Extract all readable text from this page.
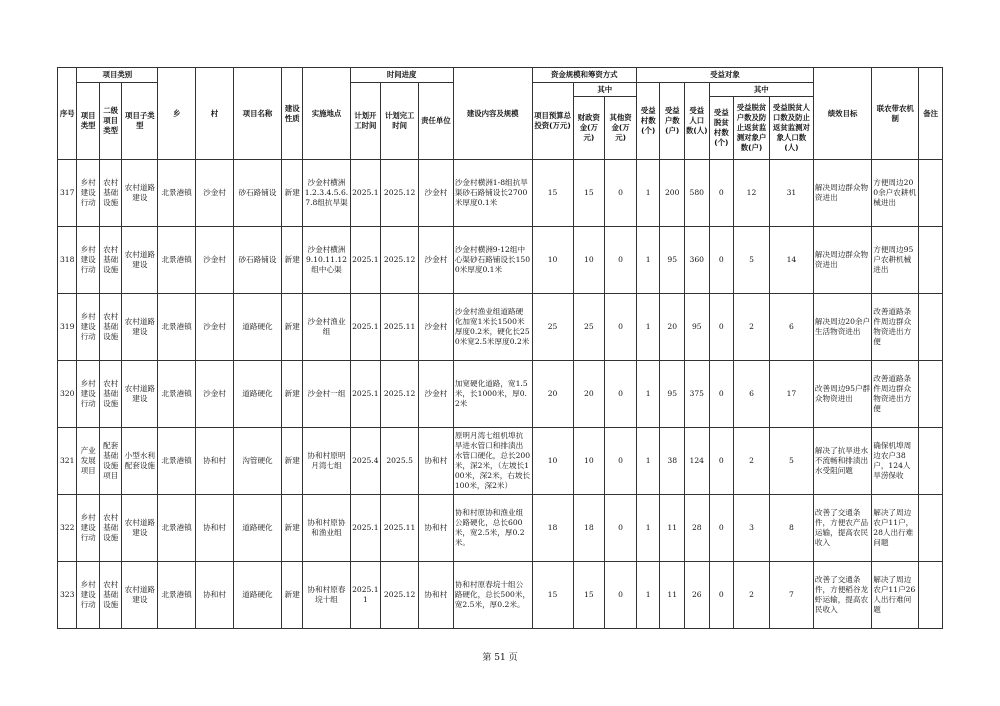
序号	项目类别			乡	村	项目名称	建设性质	实施地点	时间进度			建设内容及规模	资金规模和筹资方式			受益对象						绩效目标	联农带农机制	备注
	项目类型	二级项目类型	项目子类型						计划开工时间	计划完工时间	责任单位		项目预算总投资(万元)	其中		受益村数(个)	受益户数(户)	受益人口数(人)	其中					
														财政资金(万元)	其他资金(万元)				受益脱贫村数(个)	受益脱贫户数及防止返贫监测对象户数(户)	受益脱贫人口数及防止返贫监测对象人口数(人)			
317	乡村建设行动	农村基础设施	农村道路建设	北景港镇	沙金村	砂石路铺设	新建	沙金村横洲1.2.3.4.5.6.7.8组抗旱渠	2025.1	2025.12	沙金村	沙金村横洲1-8组抗旱渠砂石路铺设长2700米厚度0.1米	15	15	0	1	200	580	0	12	31	解决周边群众物资进出	方便周边200余户农耕机械进出	
318	乡村建设行动	农村基础设施	农村道路建设	北景港镇	沙金村	砂石路铺设	新建	沙金村横洲9.10.11.12组中心渠	2025.1	2025.12	沙金村	沙金村横洲9-12组中心渠砂石路铺设长1500米厚度0.1米	10	10	0	1	95	360	0	5	14	解决周边群众物资进出	方便周边95户农耕机械进出	
319	乡村建设行动	农村基础设施	农村道路建设	北景港镇	沙金村	道路硬化	新建	沙金村渔业组	2025.1	2025.11	沙金村	沙金村渔业组道路硬化加宽1米长1500米厚度0.2米，硬化长250米宽2.5米厚度0.2米	25	25	0	1	20	95	0	2	6	解决周边20余户生活物资进出	改善道路条件周边群众物资进出方便	
320	乡村建设行动	农村基础设施	农村道路建设	北景港镇	沙金村	道路硬化	新建	沙金村一组	2025.1	2025.12	沙金村	加宽硬化道路，宽1.5米，长1000米，厚0.2米	20	20	0	1	95	375	0	6	17	改善周边95户群众物资进出	改善道路条件周边群众物资进出方便	
321	产业发展项目	配套基础设施项目	小型水利配套设施	北景港镇	协和村	沟管硬化	新建	协和村原明月湾七组	2025.4	2025.5	协和村	原明月湾七组机埠抗旱进水管口和排渍出水管口硬化，总长200米，深2米，（左坡长100米，深2米，右坡长100米，深2米）	10	10	0	1	38	124	0	2	5	解决了抗旱进水不流畅和排渍出水受阻问题	确保机埠周边农户38户，124人旱涝保收	
322	乡村建设行动	农村基础设施	农村道路建设	北景港镇	协和村	道路硬化	新建	协和村原协和渔业组	2025.1	2025.11	协和村	协和村原协和渔业组公路硬化，总长600米，宽2.5米，厚0.2米。	18	18	0	1	11	28	0	3	8	改善了交通条件，方便农产品运输，提高农民收入	解决了周边农户11户，28人出行难问题	
323	乡村建设行动	农村基础设施	农村道路建设	北景港镇	协和村	道路硬化	新建	协和村原春垸十组	2025.11	2025.12	协和村	协和村原春垸十组公路硬化，总长500米，宽2.5米，厚0.2米。	15	15	0	1	11	26	0	2	7	改善了交通条件，方便稻谷龙虾运输，提高农民收入	解决了周边农户11户26人出行难问题	
第 51 页
